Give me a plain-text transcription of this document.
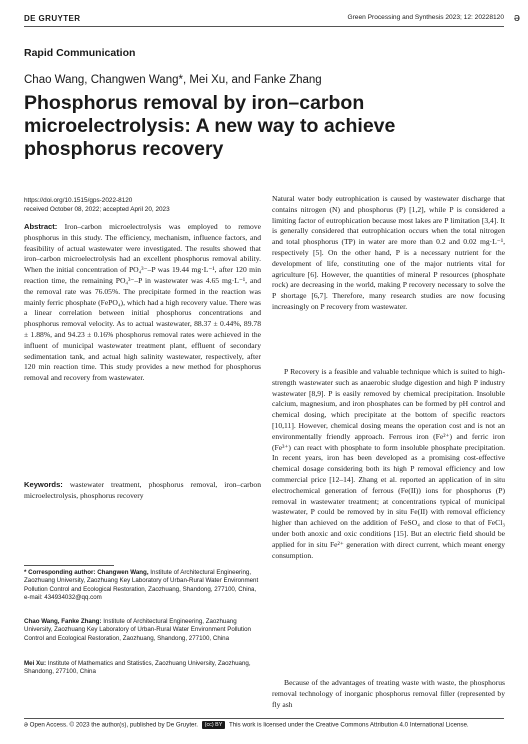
DE GRUYTER	Green Processing and Synthesis 2023; 12: 20228120 ə
Rapid Communication
Chao Wang, Changwen Wang*, Mei Xu, and Fanke Zhang
Phosphorus removal by iron–carbon microelectrolysis: A new way to achieve phosphorus recovery
https://doi.org/10.1515/gps-2022-8120
received October 08, 2022; accepted April 20, 2023

Abstract: Iron–carbon microelectrolysis was employed to remove phosphorus in this study. The efficiency, mechanism, influence factors, and feasibility of actual wastewater were investigated. The results showed that iron–carbon microelectrolysis had an excellent phosphorus removal ability. When the initial concentration of PO₄³⁻–P was 19.44 mg·L⁻¹, after 120 min reaction time, the remaining PO₄³⁻–P in wastewater was 4.65 mg·L⁻¹, and the removal rate was 76.05%. The precipitate formed in the reaction was mainly ferric phosphate (FePO₄), which had a high recovery value. There was a linear correlation between initial phosphorus concentrations and phosphorus removal velocity. As to actual wastewater, 88.37 ± 0.44%, 89.78 ± 1.88%, and 94.23 ± 0.16% phosphorus removal rates were achieved in the influent of municipal wastewater treatment plant, effluent of secondary sedimentation tank, and actual high salinity wastewater, respectively, after 120 min reaction time. This study provides a new method for phosphorus removal and recovery from wastewater.

Keywords: wastewater treatment, phosphorus removal, iron–carbon microelectrolysis, phosphorus recovery

* Corresponding author: Changwen Wang, Institute of Architectural Engineering, Zaozhuang University, Zaozhuang Key Laboratory of Urban-Rural Water Environment Pollution Control and Ecological Restoration, Zaozhuang, Shandong, 277100, China, e-mail: 434934032@qq.com

Chao Wang, Fanke Zhang: Institute of Architectural Engineering, Zaozhuang University, Zaozhuang Key Laboratory of Urban-Rural Water Environment Pollution Control and Ecological Restoration, Zaozhuang, Shandong, 277100, China

Mei Xu: Institute of Mathematics and Statistics, Zaozhuang University, Zaozhuang, Shandong, 277100, China

Natural water body eutrophication is caused by wastewater discharge that contains nitrogen (N) and phosphorus (P) [1,2], while P is considered a limiting factor of eutrophication because most lakes are P limitation [3,4]. It is generally considered that eutrophication occurs when the total nitrogen and total phosphorus (TP) in water are more than 0.2 and 0.02 mg·L⁻¹, respectively [5]. On the other hand, P is a necessary nutrient for the development of life, constituting one of the major nutrients vital for agriculture [6]. However, the quantities of mineral P resources (phosphate rock) are decreasing in the world, making P recovery necessary to solve the P shortage [6,7]. Therefore, many research studies are now focusing increasingly on P recovery from wastewater.

P Recovery is a feasible and valuable technique which is suited to high-strength wastewater such as anaerobic sludge digestion and high P industry wastewater [8,9]. P is easily removed by chemical precipitation. Insoluble calcium, magnesium, and iron phosphates can be formed by pH control and chemical dosing, which precipitate at the bottom of specific reactors [10,11]. However, chemical dosing means the operation cost and is not an environmentally friendly approach. Ferrous iron (Fe²⁺) and ferric iron (Fe³⁺) can react with phosphate to form insoluble phosphate precipitation. In recent years, iron has been developed as a promising cost-effective chemical dosage considering both its high P removal efficiency and low commercial price [12–14]. Zhang et al. reported an application of in situ electrochemical generation of ferrous (Fe(II)) ions for phosphorus (P) removal in wastewater treatment; at concentrations typical of municipal wastewater, P could be removed by in situ Fe(II) with removal efficiency higher than achieved on the addition of FeSO₄ and close to that of FeCl₃ under both anoxic and oxic conditions [15]. But an electric field should be applied for in situ Fe²⁺ generation with direct current, which meant energy consumption.

Because of the advantages of treating waste with waste, the phosphorus removal technology of inorganic phosphorus removal filler (represented by fly ash

ə Open Access. © 2023 the author(s), published by De Gruyter. (cc) BY This work is licensed under the Creative Commons Attribution 4.0 International License.
